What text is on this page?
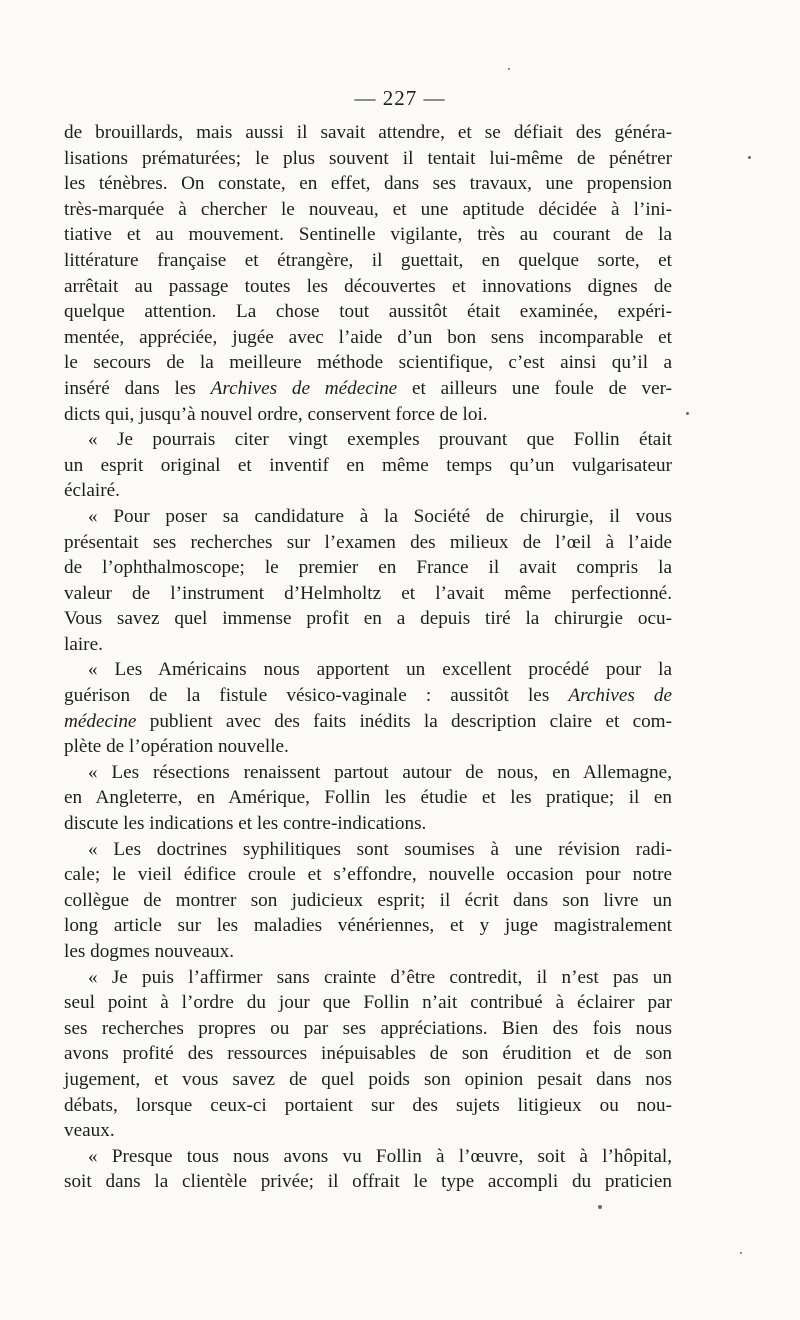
— 227 —
de brouillards, mais aussi il savait attendre, et se défiait des généra-
lisations prématurées; le plus souvent il tentait lui-même de pénétrer
les ténèbres. On constate, en effet, dans ses travaux, une propension
très-marquée à chercher le nouveau, et une aptitude décidée à l’ini-
tiative et au mouvement. Sentinelle vigilante, très au courant de la
littérature française et étrangère, il guettait, en quelque sorte, et
arrêtait au passage toutes les découvertes et innovations dignes de
quelque attention. La chose tout aussitôt était examinée, expéri-
mentée, appréciée, jugée avec l’aide d’un bon sens incomparable et
le secours de la meilleure méthode scientifique, c’est ainsi qu’il a
inséré dans les Archives de médecine et ailleurs une foule de ver-
dicts qui, jusqu’à nouvel ordre, conservent force de loi.
« Je pourrais citer vingt exemples prouvant que Follin était
un esprit original et inventif en même temps qu’un vulgarisateur
éclairé.
« Pour poser sa candidature à la Société de chirurgie, il vous
présentait ses recherches sur l’examen des milieux de l’œil à l’aide
de l’ophthalmoscope; le premier en France il avait compris la
valeur de l’instrument d’Helmholtz et l’avait même perfectionné.
Vous savez quel immense profit en a depuis tiré la chirurgie ocu-
laire.
« Les Américains nous apportent un excellent procédé pour la
guérison de la fistule vésico-vaginale : aussitôt les Archives de
médecine publient avec des faits inédits la description claire et com-
plète de l’opération nouvelle.
« Les résections renaissent partout autour de nous, en Allemagne,
en Angleterre, en Amérique, Follin les étudie et les pratique; il en
discute les indications et les contre-indications.
« Les doctrines syphilitiques sont soumises à une révision radi-
cale; le vieil édifice croule et s’effondre, nouvelle occasion pour notre
collègue de montrer son judicieux esprit; il écrit dans son livre un
long article sur les maladies vénériennes, et y juge magistralement
les dogmes nouveaux.
« Je puis l’affirmer sans crainte d’être contredit, il n’est pas un
seul point à l’ordre du jour que Follin n’ait contribué à éclairer par
ses recherches propres ou par ses appréciations. Bien des fois nous
avons profité des ressources inépuisables de son érudition et de son
jugement, et vous savez de quel poids son opinion pesait dans nos
débats, lorsque ceux-ci portaient sur des sujets litigieux ou nou-
veaux.
« Presque tous nous avons vu Follin à l’œuvre, soit à l’hôpital,
soit dans la clientèle privée; il offrait le type accompli du praticien
